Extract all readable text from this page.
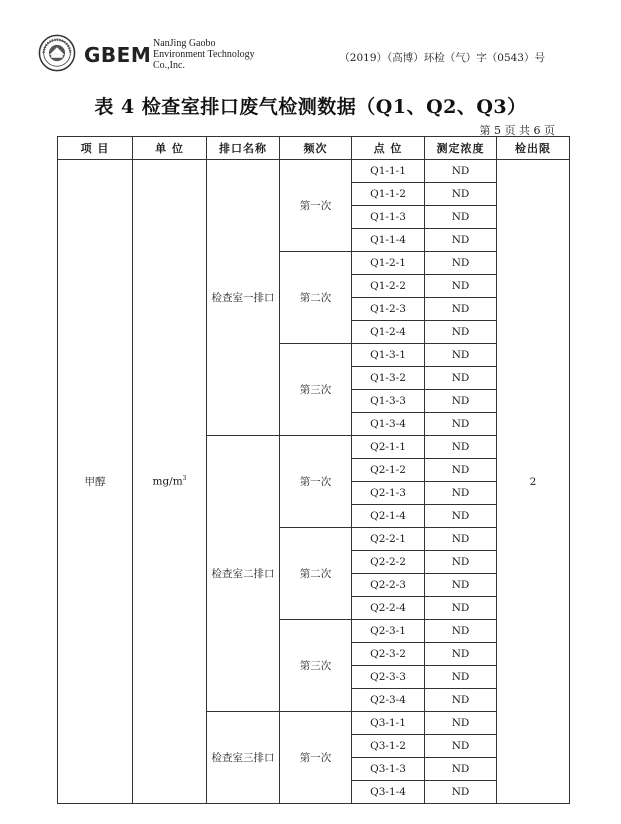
GBEM NanJing Gaobo
Environment Technology
Co.,Inc.
（2019）（高博）环检（气）字（0543）号
表 4 检查室排口废气检测数据（Q1、Q2、Q3）
第 5 页 共 6 页
项 目	单 位	排口名称	频次	点 位	测定浓度	检出限
甲醇	$mg/m^3$	检查室一排口	第一次	Q1-1-1	ND	2
				Q1-1-2	ND	
				Q1-1-3	ND	
				Q1-1-4	ND	
			第二次	Q1-2-1	ND	
				Q1-2-2	ND	
				Q1-2-3	ND	
				Q1-2-4	ND	
			第三次	Q1-3-1	ND	
				Q1-3-2	ND	
				Q1-3-3	ND	
				Q1-3-4	ND	
		检查室二排口	第一次	Q2-1-1	ND	
				Q2-1-2	ND	
				Q2-1-3	ND	
				Q2-1-4	ND	
			第二次	Q2-2-1	ND	
				Q2-2-2	ND	
				Q2-2-3	ND	
				Q2-2-4	ND	
			第三次	Q2-3-1	ND	
				Q2-3-2	ND	
				Q2-3-3	ND	
				Q2-3-4	ND	
		检查室三排口	第一次	Q3-1-1	ND	
				Q3-1-2	ND	
				Q3-1-3	ND	
				Q3-1-4	ND	
